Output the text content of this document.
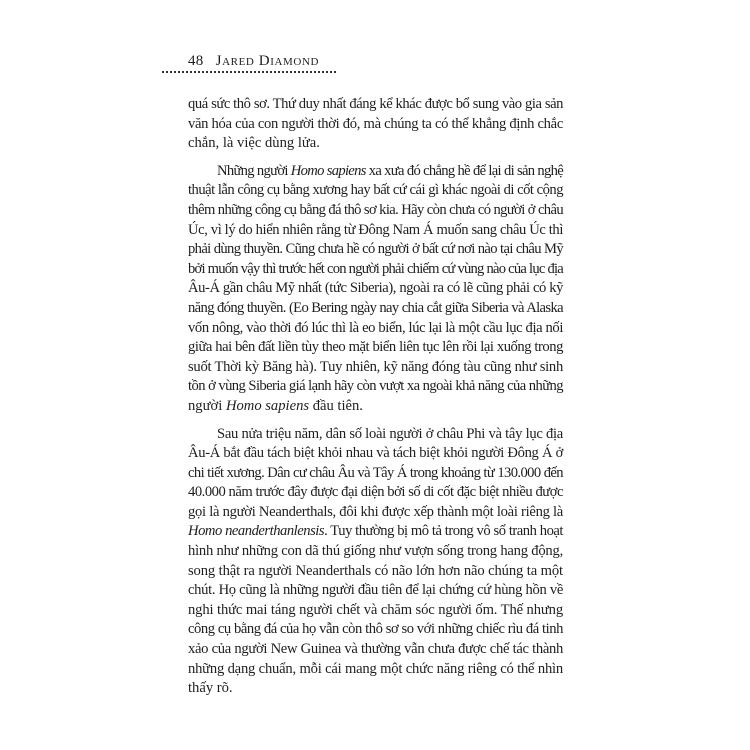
48 Jared Diamond
quá sức thô sơ. Thứ duy nhất đáng kể khác được bổ sung vào gia sản
văn hóa của con người thời đó, mà chúng ta có thể khẳng định chắc
chắn, là việc dùng lửa.
Những người Homo sapiens xa xưa đó chẳng hề để lại di sản nghệ
thuật lẫn công cụ bằng xương hay bất cứ cái gì khác ngoài di cốt cộng
thêm những công cụ bằng đá thô sơ kia. Hãy còn chưa có người ở châu
Úc, vì lý do hiển nhiên rằng từ Đông Nam Á muốn sang châu Úc thì
phải dùng thuyền. Cũng chưa hề có người ở bất cứ nơi nào tại châu Mỹ
bởi muốn vậy thì trước hết con người phải chiếm cứ vùng nào của lục địa
Âu-Á gần châu Mỹ nhất (tức Siberia), ngoài ra có lẽ cũng phải có kỹ
năng đóng thuyền. (Eo Bering ngày nay chia cắt giữa Siberia và Alaska
vốn nông, vào thời đó lúc thì là eo biển, lúc lại là một cầu lục địa nối
giữa hai bên đất liền tùy theo mặt biển liên tục lên rồi lại xuống trong
suốt Thời kỳ Băng hà). Tuy nhiên, kỹ năng đóng tàu cũng như sinh
tồn ở vùng Siberia giá lạnh hãy còn vượt xa ngoài khả năng của những
người Homo sapiens đầu tiên.
Sau nửa triệu năm, dân số loài người ở châu Phi và tây lục địa
Âu-Á bắt đầu tách biệt khỏi nhau và tách biệt khỏi người Đông Á ở
chi tiết xương. Dân cư châu Âu và Tây Á trong khoảng từ 130.000 đến
40.000 năm trước đây được đại diện bởi số di cốt đặc biệt nhiều được
gọi là người Neanderthals, đôi khi được xếp thành một loài riêng là
Homo neanderthanlensis. Tuy thường bị mô tả trong vô số tranh hoạt
hình như những con dã thú giống như vượn sống trong hang động,
song thật ra người Neanderthals có não lớn hơn não chúng ta một
chút. Họ cũng là những người đầu tiên để lại chứng cứ hùng hồn về
nghi thức mai táng người chết và chăm sóc người ốm. Thế nhưng
công cụ bằng đá của họ vẫn còn thô sơ so với những chiếc rìu đá tinh
xảo của người New Guinea và thường vẫn chưa được chế tác thành
những dạng chuẩn, mỗi cái mang một chức năng riêng có thể nhìn
thấy rõ.
